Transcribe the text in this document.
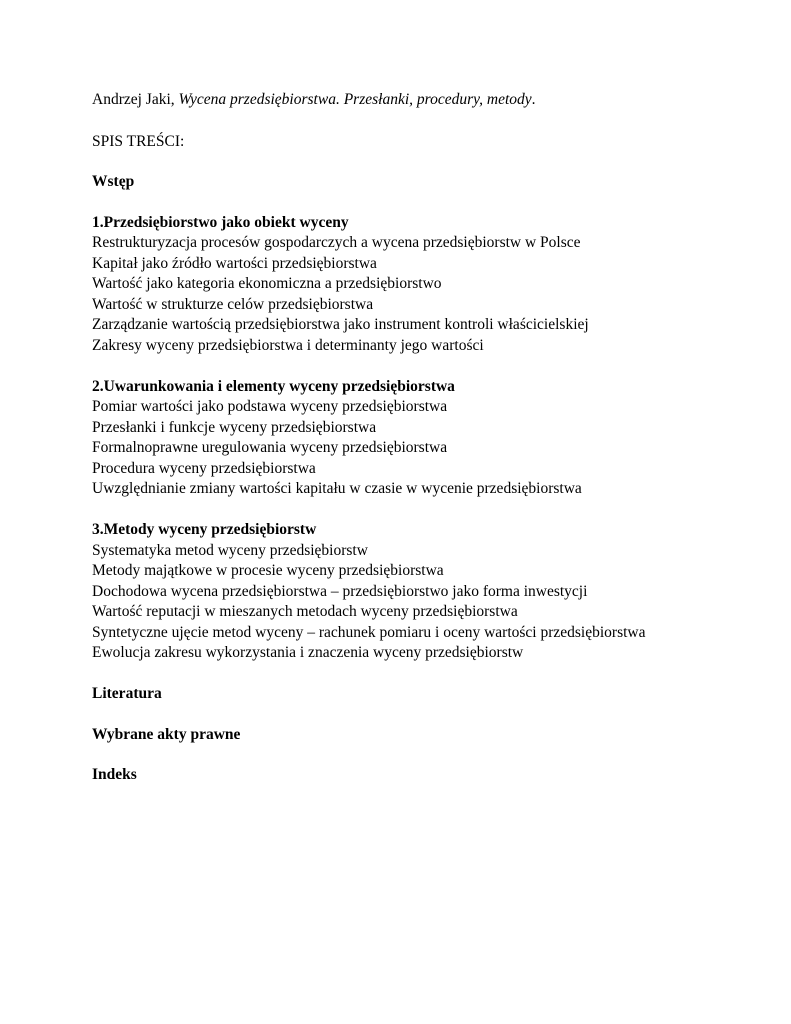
Andrzej Jaki, Wycena przedsiębiorstwa. Przesłanki, procedury, metody.

SPIS TREŚCI:

Wstęp

1.Przedsiębiorstwo jako obiekt wyceny

Restrukturyzacja procesów gospodarczych a wycena przedsiębiorstw w Polsce

Kapitał jako źródło wartości przedsiębiorstwa

Wartość jako kategoria ekonomiczna a przedsiębiorstwo

Wartość w strukturze celów przedsiębiorstwa

Zarządzanie wartością przedsiębiorstwa jako instrument kontroli właścicielskiej

Zakresy wyceny przedsiębiorstwa i determinanty jego wartości

2.Uwarunkowania i elementy wyceny przedsiębiorstwa

Pomiar wartości jako podstawa wyceny przedsiębiorstwa

Przesłanki i funkcje wyceny przedsiębiorstwa

Formalnoprawne uregulowania wyceny przedsiębiorstwa

Procedura wyceny przedsiębiorstwa

Uwzględnianie zmiany wartości kapitału w czasie w wycenie przedsiębiorstwa

3.Metody wyceny przedsiębiorstw

Systematyka metod wyceny przedsiębiorstw

Metody majątkowe w procesie wyceny przedsiębiorstwa

Dochodowa wycena przedsiębiorstwa – przedsiębiorstwo jako forma inwestycji

Wartość reputacji w mieszanych metodach wyceny przedsiębiorstwa

Syntetyczne ujęcie metod wyceny – rachunek pomiaru i oceny wartości przedsiębiorstwa

Ewolucja zakresu wykorzystania i znaczenia wyceny przedsiębiorstw

Literatura

Wybrane akty prawne

Indeks
